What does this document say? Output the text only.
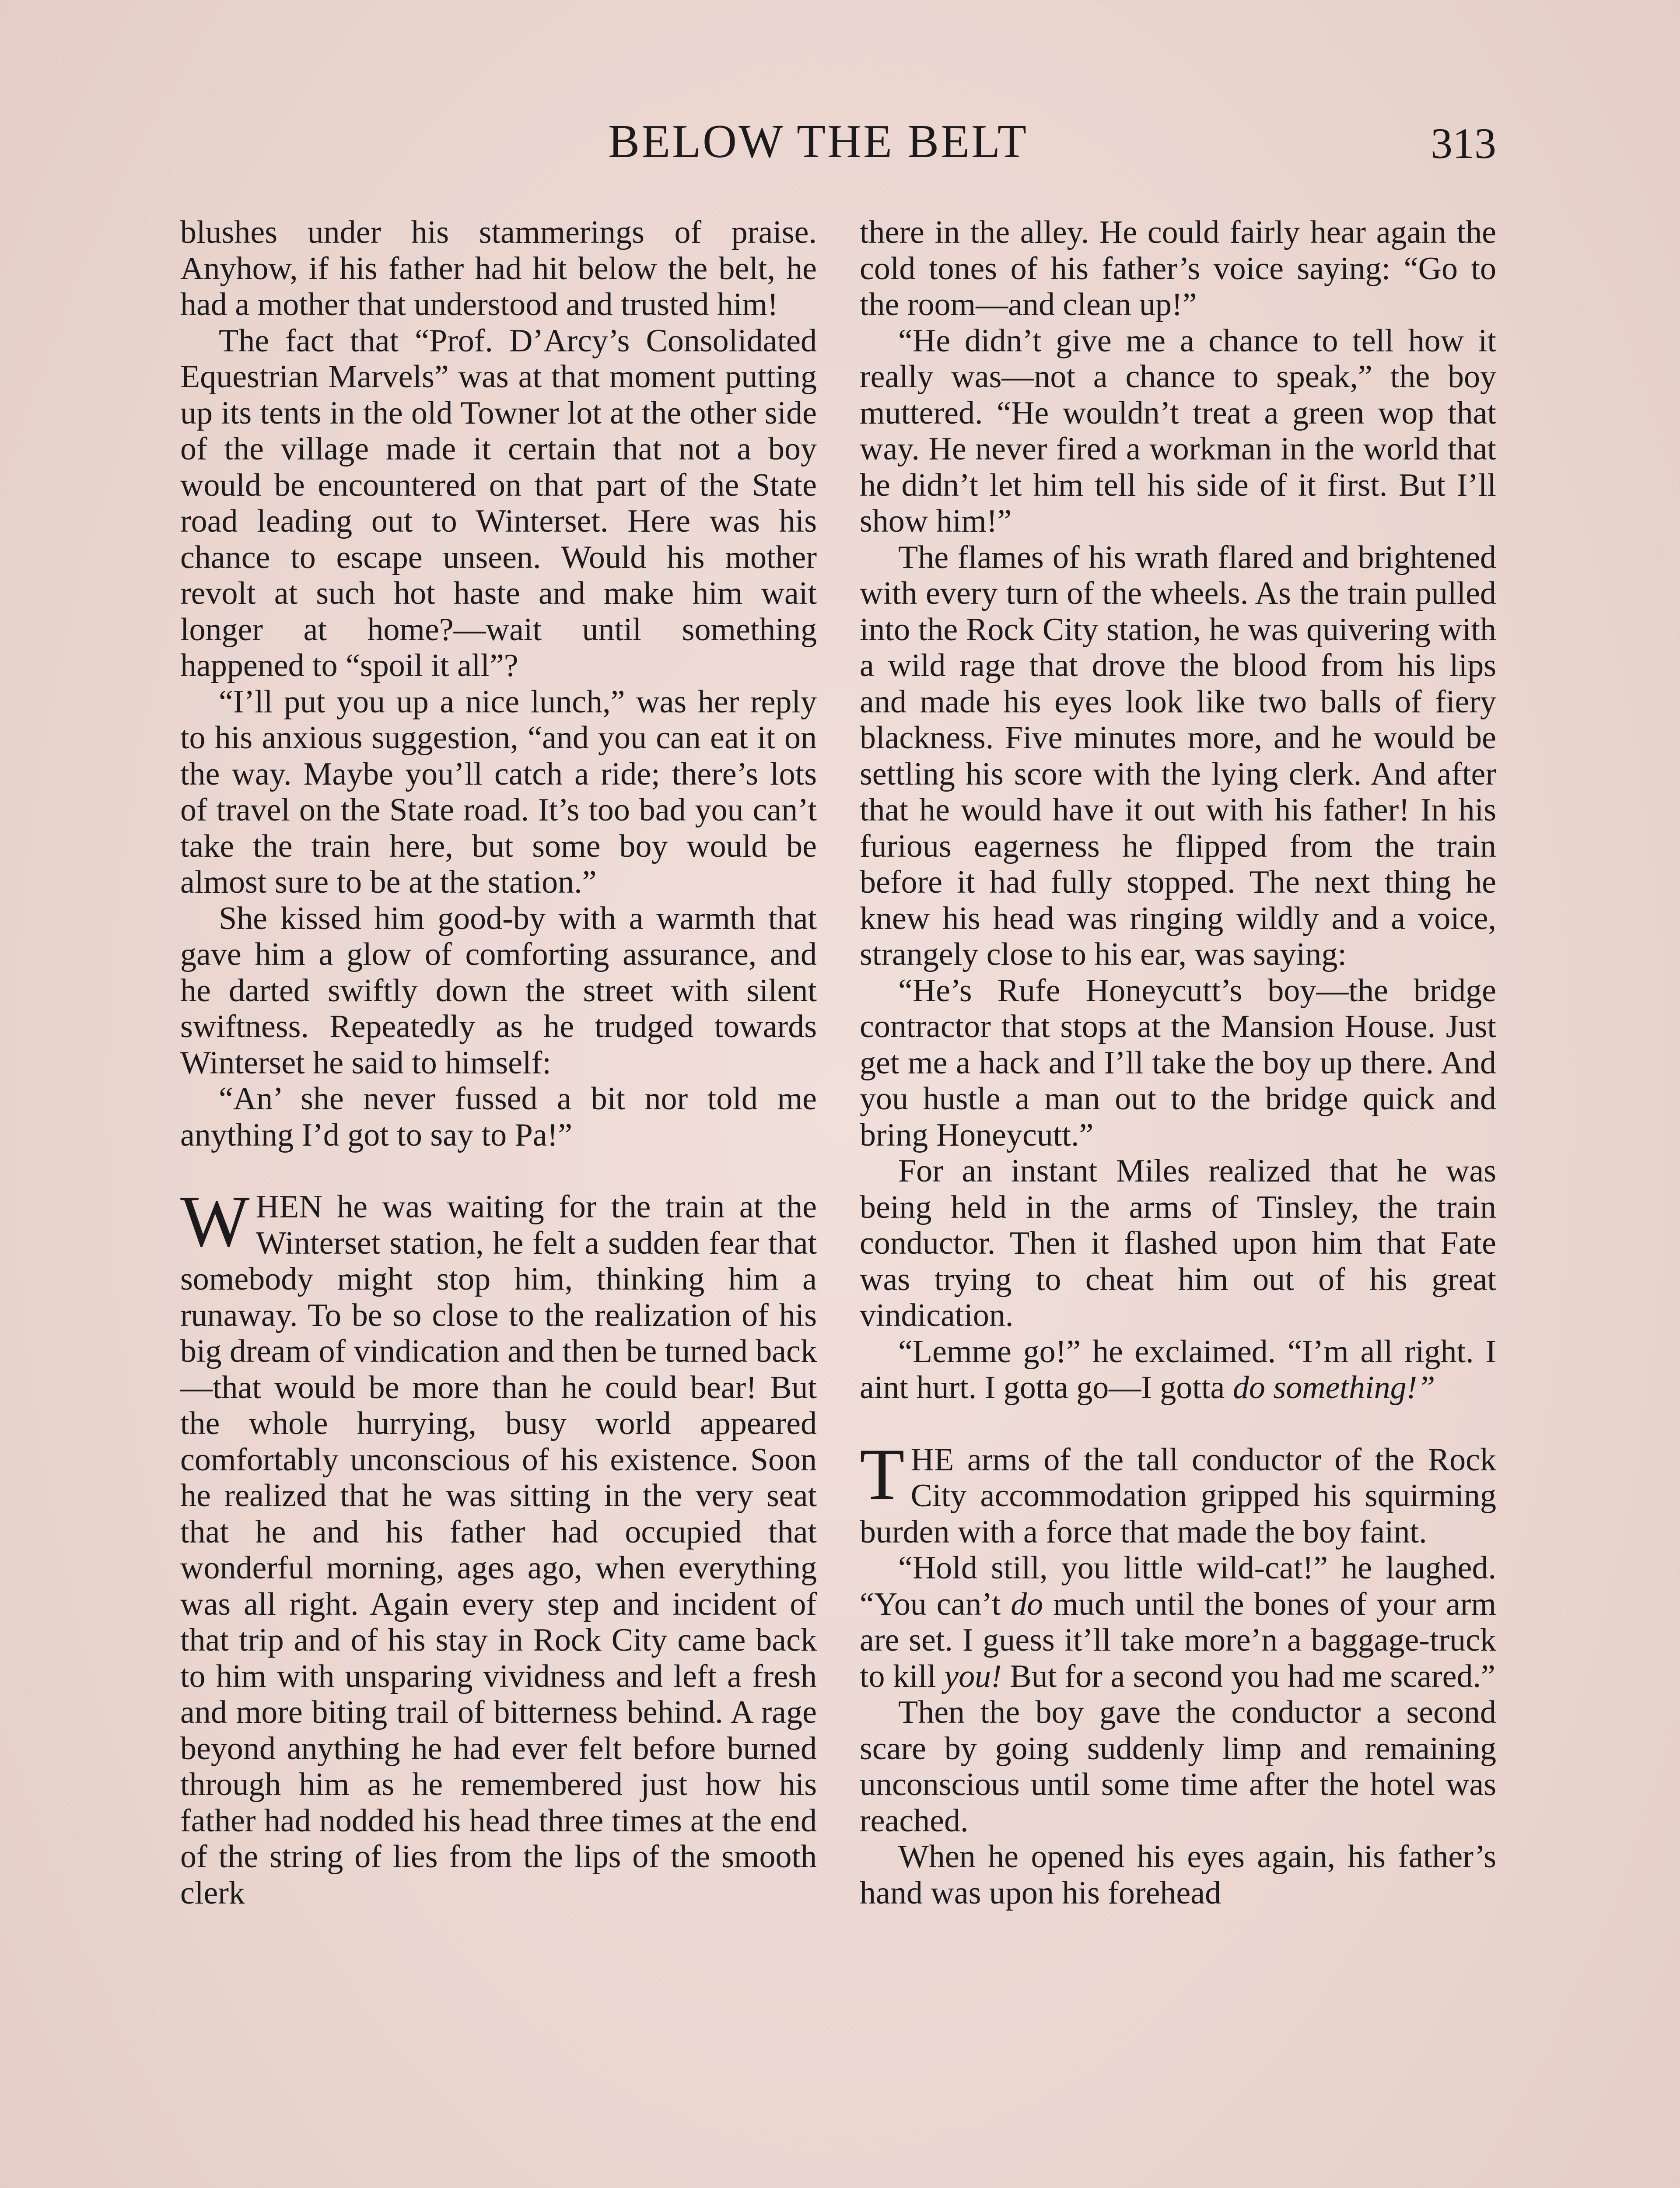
BELOW THE BELT	313

blushes under his stammerings of praise. Anyhow, if his father had hit below the belt, he had a mother that understood and trusted him!

The fact that “Prof. D’Arcy’s Consolidated Equestrian Marvels” was at that moment putting up its tents in the old Towner lot at the other side of the village made it certain that not a boy would be encountered on that part of the State road leading out to Winterset. Here was his chance to escape unseen. Would his mother revolt at such hot haste and make him wait longer at home?—wait until something happened to “spoil it all”?

“I’ll put you up a nice lunch,” was her reply to his anxious suggestion, “and you can eat it on the way. Maybe you’ll catch a ride; there’s lots of travel on the State road. It’s too bad you can’t take the train here, but some boy would be almost sure to be at the station.”

She kissed him good-by with a warmth that gave him a glow of comforting assurance, and he darted swiftly down the street with silent swiftness. Repeatedly as he trudged towards Winterset he said to himself:

“An’ she never fussed a bit nor told me anything I’d got to say to Pa!”

WHEN he was waiting for the train at the Winterset station, he felt a sudden fear that somebody might stop him, thinking him a runaway. To be so close to the realization of his big dream of vindication and then be turned back—that would be more than he could bear! But the whole hurrying, busy world appeared comfortably unconscious of his existence. Soon he realized that he was sitting in the very seat that he and his father had occupied that wonderful morning, ages ago, when everything was all right. Again every step and incident of that trip and of his stay in Rock City came back to him with unsparing vividness and left a fresh and more biting trail of bitterness behind. A rage beyond anything he had ever felt before burned through him as he remembered just how his father had nodded his head three times at the end of the string of lies from the lips of the smooth clerk

there in the alley. He could fairly hear again the cold tones of his father’s voice saying: “Go to the room—and clean up!”

“He didn’t give me a chance to tell how it really was—not a chance to speak,” the boy muttered. “He wouldn’t treat a green wop that way. He never fired a workman in the world that he didn’t let him tell his side of it first. But I’ll show him!”

The flames of his wrath flared and brightened with every turn of the wheels. As the train pulled into the Rock City station, he was quivering with a wild rage that drove the blood from his lips and made his eyes look like two balls of fiery blackness. Five minutes more, and he would be settling his score with the lying clerk. And after that he would have it out with his father! In his furious eagerness he flipped from the train before it had fully stopped. The next thing he knew his head was ringing wildly and a voice, strangely close to his ear, was saying:

“He’s Rufe Honeycutt’s boy—the bridge contractor that stops at the Mansion House. Just get me a hack and I’ll take the boy up there. And you hustle a man out to the bridge quick and bring Honeycutt.”

For an instant Miles realized that he was being held in the arms of Tinsley, the train conductor. Then it flashed upon him that Fate was trying to cheat him out of his great vindication.

“Lemme go!” he exclaimed. “I’m all right. I aint hurt. I gotta go—I gotta do something!”

THE arms of the tall conductor of the Rock City accommodation gripped his squirming burden with a force that made the boy faint.

“Hold still, you little wild-cat!” he laughed. “You can’t do much until the bones of your arm are set. I guess it’ll take more’n a baggage-truck to kill you! But for a second you had me scared.”

Then the boy gave the conductor a second scare by going suddenly limp and remaining unconscious until some time after the hotel was reached.

When he opened his eyes again, his father’s hand was upon his forehead
